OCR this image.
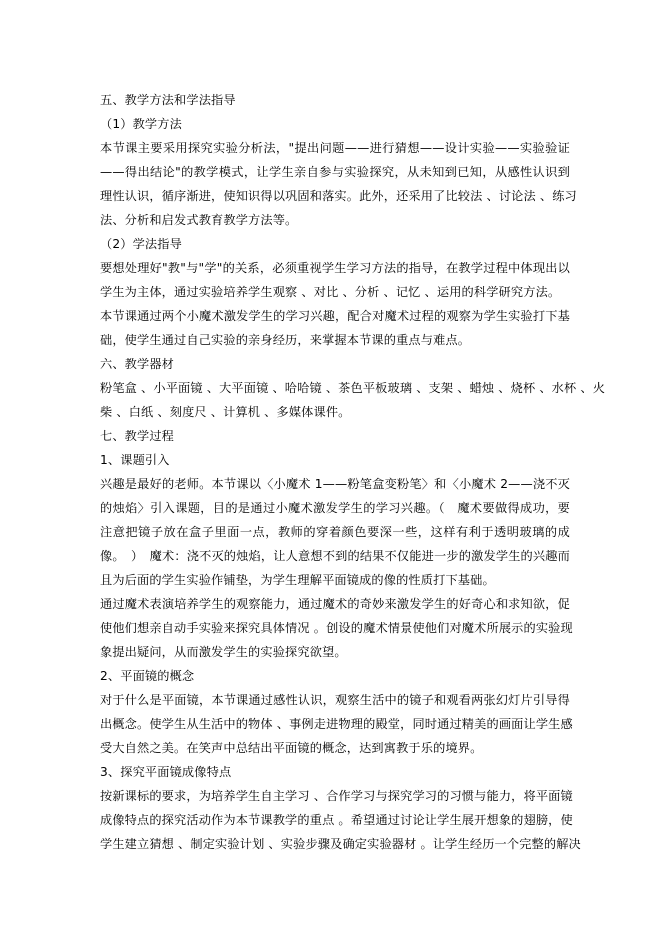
五、教学方法和学法指导
（1）教学方法
本节课主要采用探究实验分析法，"提出问题——进行猜想——设计实验——实验验证
——得出结论"的教学模式，让学生亲自参与实验探究，从未知到已知，从感性认识到
理性认识，循序渐进，使知识得以巩固和落实。此外，还采用了比较法 、讨论法 、练习
法、分析和启发式教育教学方法等。
（2）学法指导
要想处理好"教"与"学"的关系，必须重视学生学习方法的指导，在教学过程中体现出以
学生为主体，通过实验培养学生观察 、对比 、分析 、记忆 、运用的科学研究方法。
本节课通过两个小魔术激发学生的学习兴趣，配合对魔术过程的观察为学生实验打下基
础，使学生通过自己实验的亲身经历，来掌握本节课的重点与难点。
六、教学器材
粉笔盒 、小平面镜 、大平面镜 、哈哈镜 、茶色平板玻璃 、支架 、蜡烛 、烧杯 、水杯 、火
柴 、白纸 、刻度尺 、计算机 、多媒体课件。
七、教学过程
1、课题引入
兴趣是最好的老师。本节课以〈小魔术 1——粉笔盒变粉笔〉和〈小魔术 2——浇不灭
的烛焰〉引入课题，目的是通过小魔术激发学生的学习兴趣。（　魔术要做得成功，要
注意把镜子放在盒子里面一点，教师的穿着颜色要深一些，这样有利于透明玻璃的成
像。　）　魔术：浇不灭的烛焰，让人意想不到的结果不仅能进一步的激发学生的兴趣而
且为后面的学生实验作铺垫，为学生理解平面镜成的像的性质打下基础。
通过魔术表演培养学生的观察能力，通过魔术的奇妙来激发学生的好奇心和求知欲，促
使他们想亲自动手实验来探究具体情况 。创设的魔术情景使他们对魔术所展示的实验现
象提出疑问，从而激发学生的实验探究欲望。
2、平面镜的概念
对于什么是平面镜，本节课通过感性认识，观察生活中的镜子和观看两张幻灯片引导得
出概念。使学生从生活中的物体 、事例走进物理的殿堂，同时通过精美的画面让学生感
受大自然之美。在笑声中总结出平面镜的概念，达到寓教于乐的境界。
3、探究平面镜成像特点
按新课标的要求，为培养学生自主学习 、合作学习与探究学习的习惯与能力，将平面镜
成像特点的探究活动作为本节课教学的重点 。希望通过讨论让学生展开想象的翅膀，使
学生建立猜想 、制定实验计划 、实验步骤及确定实验器材 。让学生经历一个完整的解决
